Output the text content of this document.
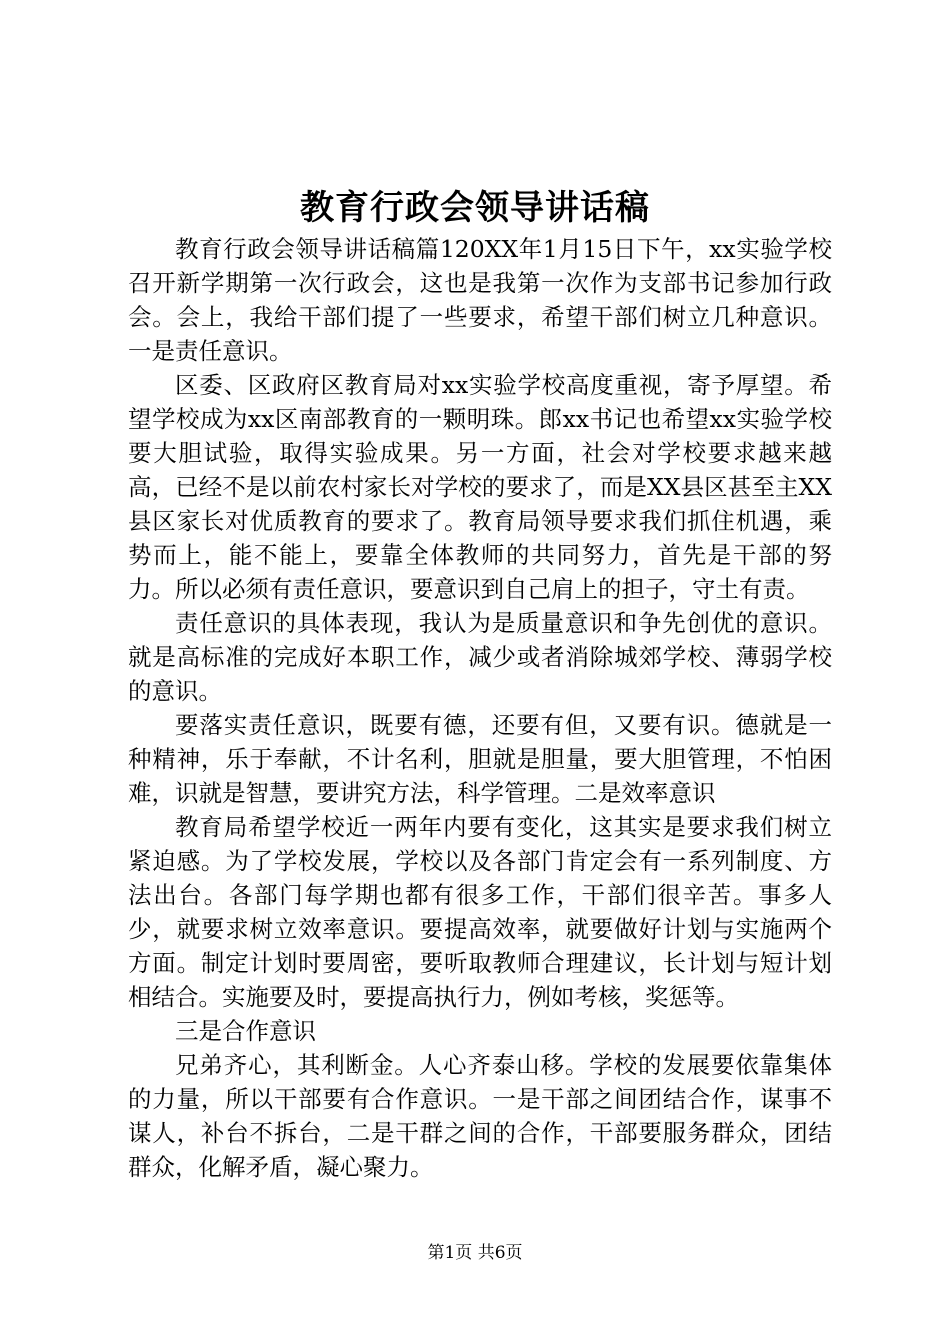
教育行政会领导讲话稿

教育行政会领导讲话稿篇120XX年1月15日下午，xx实验学校召开新学期第一次行政会，这也是我第一次作为支部书记参加行政会。会上，我给干部们提了一些要求，希望干部们树立几种意识。一是责任意识。

区委、区政府区教育局对xx实验学校高度重视，寄予厚望。希望学校成为xx区南部教育的一颗明珠。郎xx书记也希望xx实验学校要大胆试验，取得实验成果。另一方面，社会对学校要求越来越高，已经不是以前农村家长对学校的要求了，而是XX县区甚至主XX县区家长对优质教育的要求了。教育局领导要求我们抓住机遇，乘势而上，能不能上，要靠全体教师的共同努力，首先是干部的努力。所以必须有责任意识，要意识到自己肩上的担子，守土有责。

责任意识的具体表现，我认为是质量意识和争先创优的意识。就是高标准的完成好本职工作，减少或者消除城郊学校、薄弱学校的意识。

要落实责任意识，既要有德，还要有但，又要有识。德就是一种精神，乐于奉献，不计名利，胆就是胆量，要大胆管理，不怕困难，识就是智慧，要讲究方法，科学管理。二是效率意识

教育局希望学校近一两年内要有变化，这其实是要求我们树立紧迫感。为了学校发展，学校以及各部门肯定会有一系列制度、方法出台。各部门每学期也都有很多工作，干部们很辛苦。事多人少，就要求树立效率意识。要提高效率，就要做好计划与实施两个方面。制定计划时要周密，要听取教师合理建议，长计划与短计划相结合。实施要及时，要提高执行力，例如考核，奖惩等。

三是合作意识

兄弟齐心，其利断金。人心齐泰山移。学校的发展要依靠集体的力量，所以干部要有合作意识。一是干部之间团结合作，谋事不谋人，补台不拆台，二是干群之间的合作，干部要服务群众，团结群众，化解矛盾，凝心聚力。

第1页 共6页
